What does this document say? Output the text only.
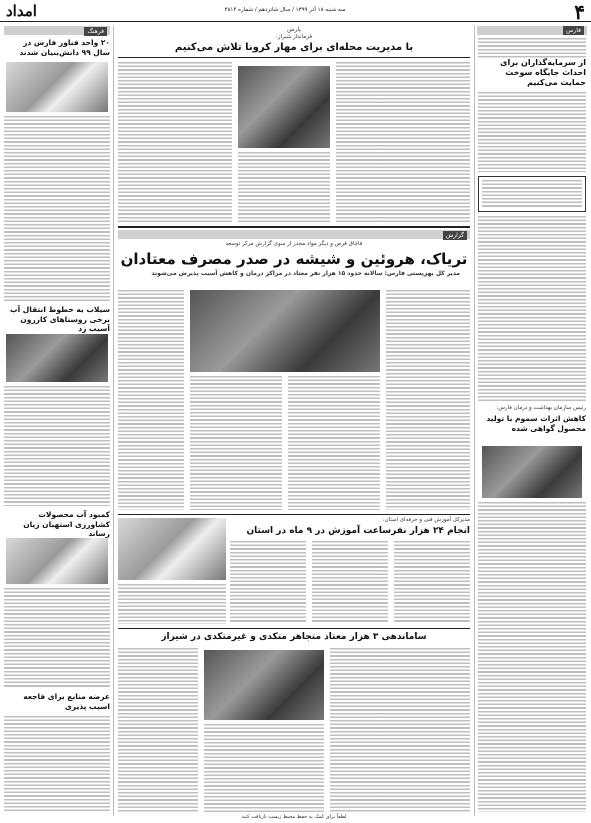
امداد	سه شنبه ۱۸ آذر ۱۳۹۹ / سال شانزدهم / شماره ۴۸۱۴	۴
فارس
از سرمایه‌گذاران برای احداث جایگاه سوخت حمایت می‌کنیم
رئیس سازمان بهداشت و درمان فارس:
کاهش اثرات سموم با تولید محصول گواهی شده
فرهنگ
۲۰ واحد فناور فارس در سال ۹۹ دانش‌بنیان شدند
سیلاب به خطوط انتقال آب برخی روستاهای کازرون آسیب زد
کمبود آب محصولات کشاورزی استهبان زیان رساند
عرضه منابع برای فاجعه اسیب پذیری
پارس
فرماندار شیراز:
با مدیریت محله‌ای برای مهار کرونا تلاش می‌کنیم
گزارش
قاچاق قرص و دیگر مواد مخدر از سوی گزارش مرکز توسعه
تریاک، هروئین و شیشه در صدر مصرف معتادان
مدیر کل بهزیستی فارس: سالانه حدود ۱۵ هزار نفر معتاد در مراکز درمان و کاهش آسیب پذیرش می‌شوند
مدیرکل آموزش فنی و حرفه‌ای استان:
انجام ۲۴ هزار نفرساعت آموزش در ۹ ماه در استان
ساماندهی ۳ هزار معتاد متجاهر متکدی و غیرمتکدی در شیراز
لطفاً برای کمک به حفظ محیط زیست بازیافت کنید
